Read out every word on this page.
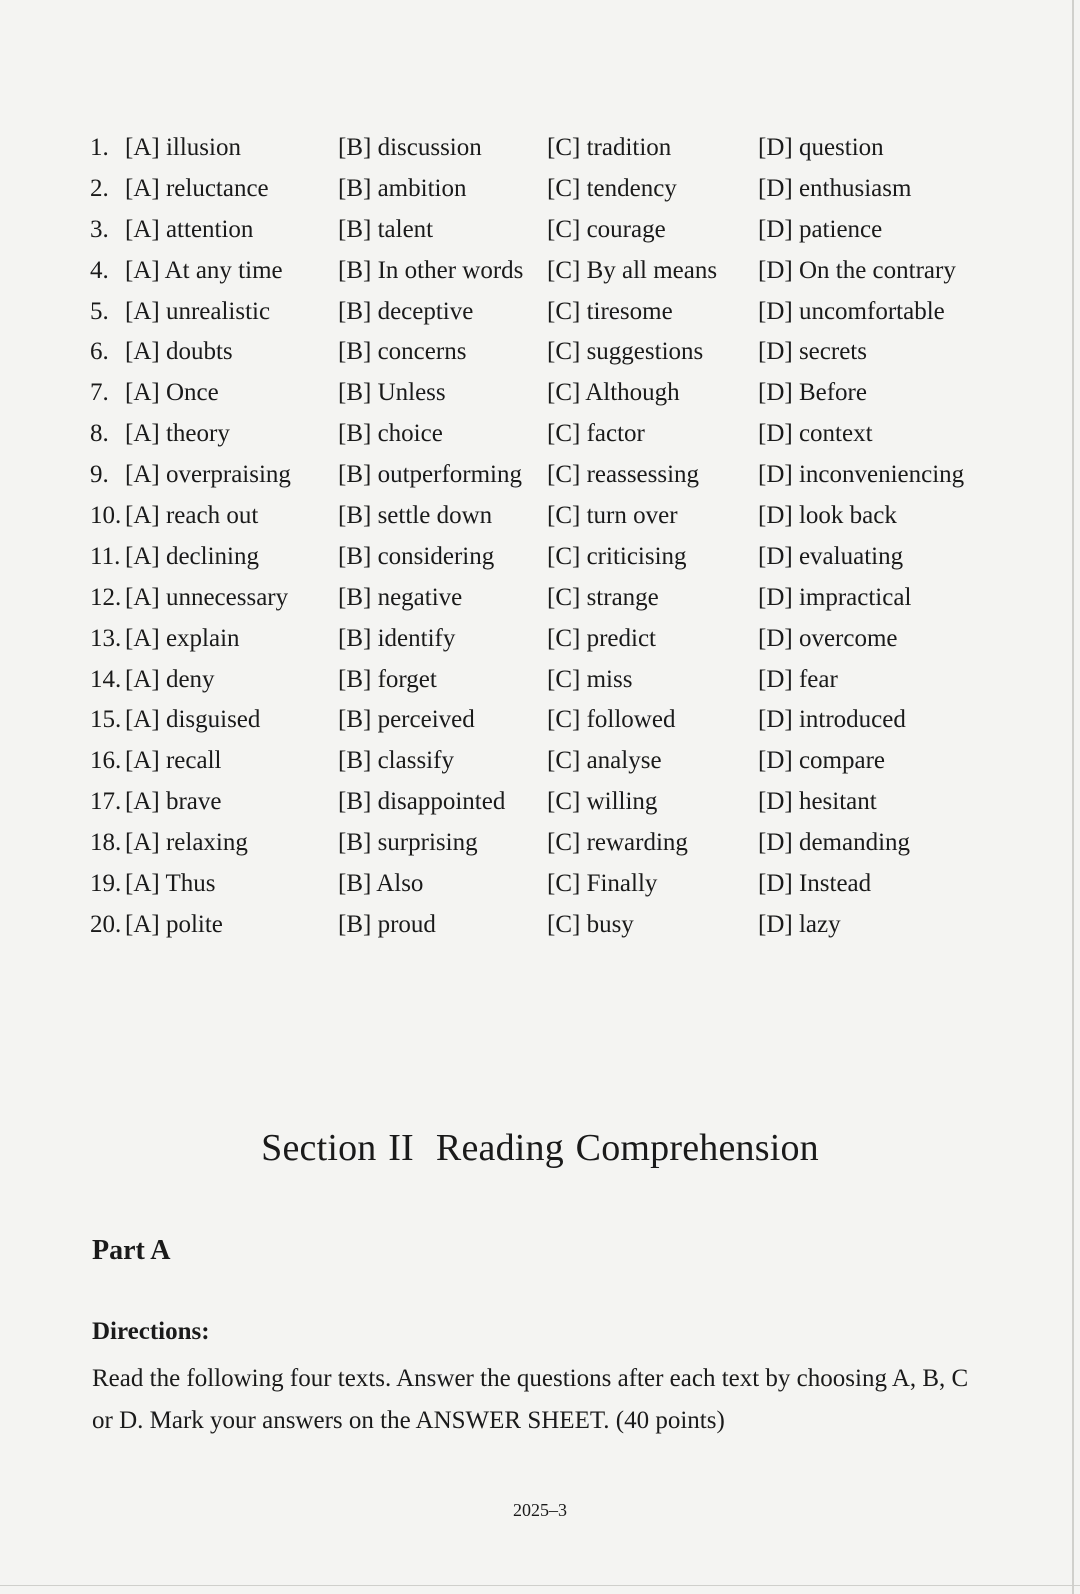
1. [A] illusion	[B] discussion	[C] tradition	[D] question
2. [A] reluctance	[B] ambition	[C] tendency	[D] enthusiasm
3. [A] attention	[B] talent	[C] courage	[D] patience
4. [A] At any time [B] In other words [C] By all means [D] On the contrary
5. [A] unrealistic	[B] deceptive	[C] tiresome	[D] uncomfortable
6. [A] doubts	[B] concerns	[C] suggestions [D] secrets
7. [A] Once	[B] Unless	[C] Although	[D] Before
8. [A] theory	[B] choice	[C] factor	[D] context
9. [A] overpraising [B] outperforming [C] reassessing [D] inconveniencing
10. [A] reach out	[B] settle down [C] turn over	[D] look back
11. [A] declining	[B] considering [C] criticising	[D] evaluating
12. [A] unnecessary [B] negative	[C] strange	[D] impractical
13. [A] explain	[B] identify	[C] predict	[D] overcome
14. [A] deny	[B] forget	[C] miss	[D] fear
15. [A] disguised	[B] perceived	[C] followed	[D] introduced
16. [A] recall	[B] classify	[C] analyse	[D] compare
17. [A] brave	[B] disappointed [C] willing	[D] hesitant
18. [A] relaxing	[B] surprising	[C] rewarding	[D] demanding
19. [A] Thus	[B] Also	[C] Finally	[D] Instead
20. [A] polite	[B] proud	[C] busy	[D] lazy
Section II Reading Comprehension
Part A
Directions:
Read the following four texts. Answer the questions after each text by choosing A, B, C or D. Mark your answers on the ANSWER SHEET. (40 points)
2025–3
